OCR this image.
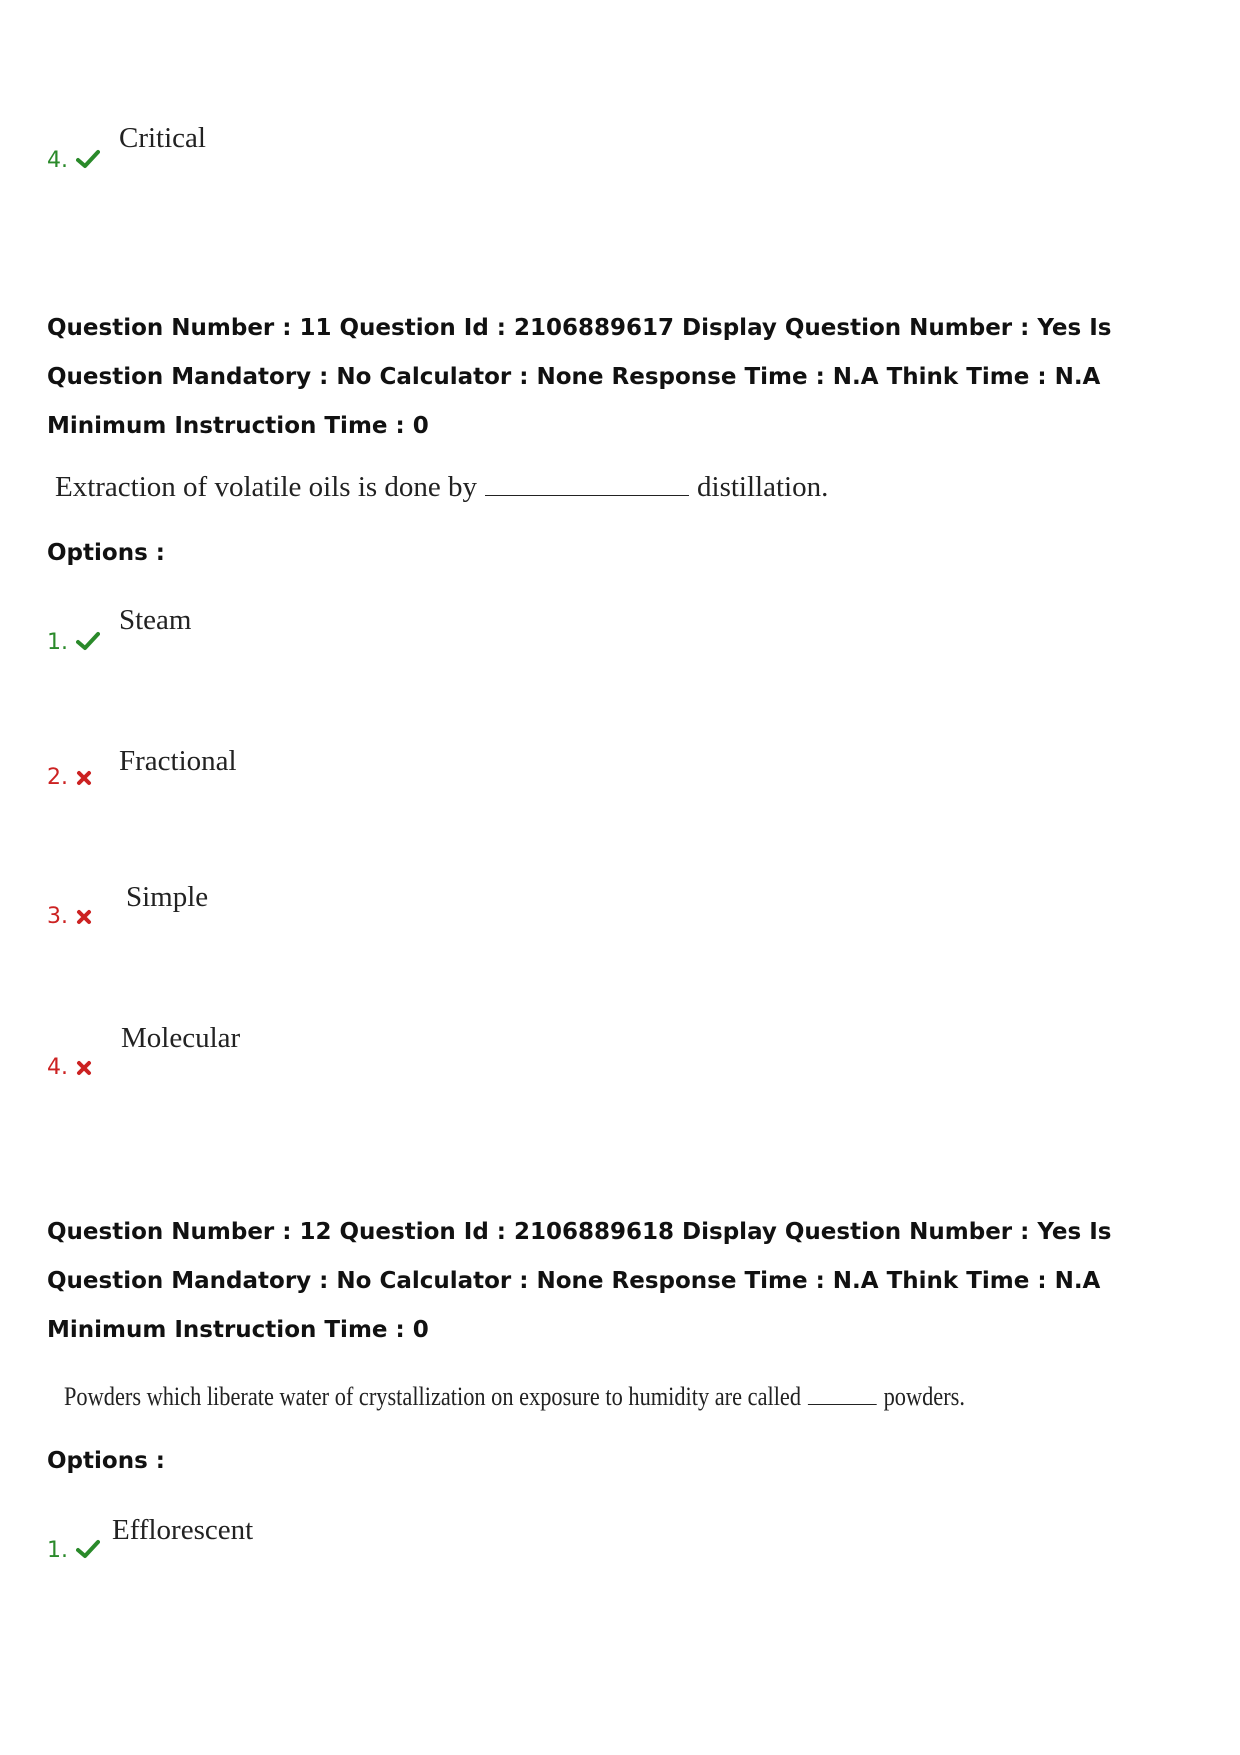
4.
Critical
Question Number : 11 Question Id : 2106889617 Display Question Number : Yes Is Question Mandatory : No Calculator : None Response Time : N.A Think Time : N.A Minimum Instruction Time : 0
Extraction of volatile oils is done by	distillation.
Options :
1.
Steam
2.
Fractional
3.
Simple
4.
Molecular
Question Number : 12 Question Id : 2106889618 Display Question Number : Yes Is Question Mandatory : No Calculator : None Response Time : N.A Think Time : N.A Minimum Instruction Time : 0
Powders which liberate water of crystallization on exposure to humidity are called	powders.
Options :
1.
Efflorescent
